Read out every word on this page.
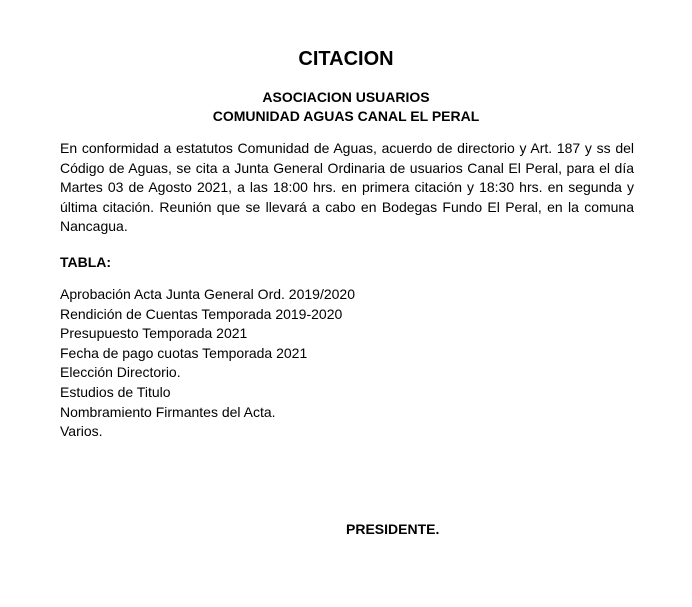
CITACION
ASOCIACION USUARIOS
COMUNIDAD AGUAS CANAL EL PERAL

En conformidad a estatutos Comunidad de Aguas, acuerdo de directorio y Art. 187 y ss del Código de Aguas, se cita a Junta General Ordinaria de usuarios Canal El Peral, para el día Martes 03 de Agosto 2021, a las 18:00 hrs. en primera citación y 18:30 hrs. en segunda y última citación. Reunión que se llevará a cabo en Bodegas Fundo El Peral, en la comuna Nancagua.

TABLA:
Aprobación Acta Junta General Ord. 2019/2020
Rendición de Cuentas Temporada 2019-2020
Presupuesto Temporada 2021
Fecha de pago cuotas Temporada 2021
Elección Directorio.
Estudios de Titulo
Nombramiento Firmantes del Acta.
Varios.
PRESIDENTE.
